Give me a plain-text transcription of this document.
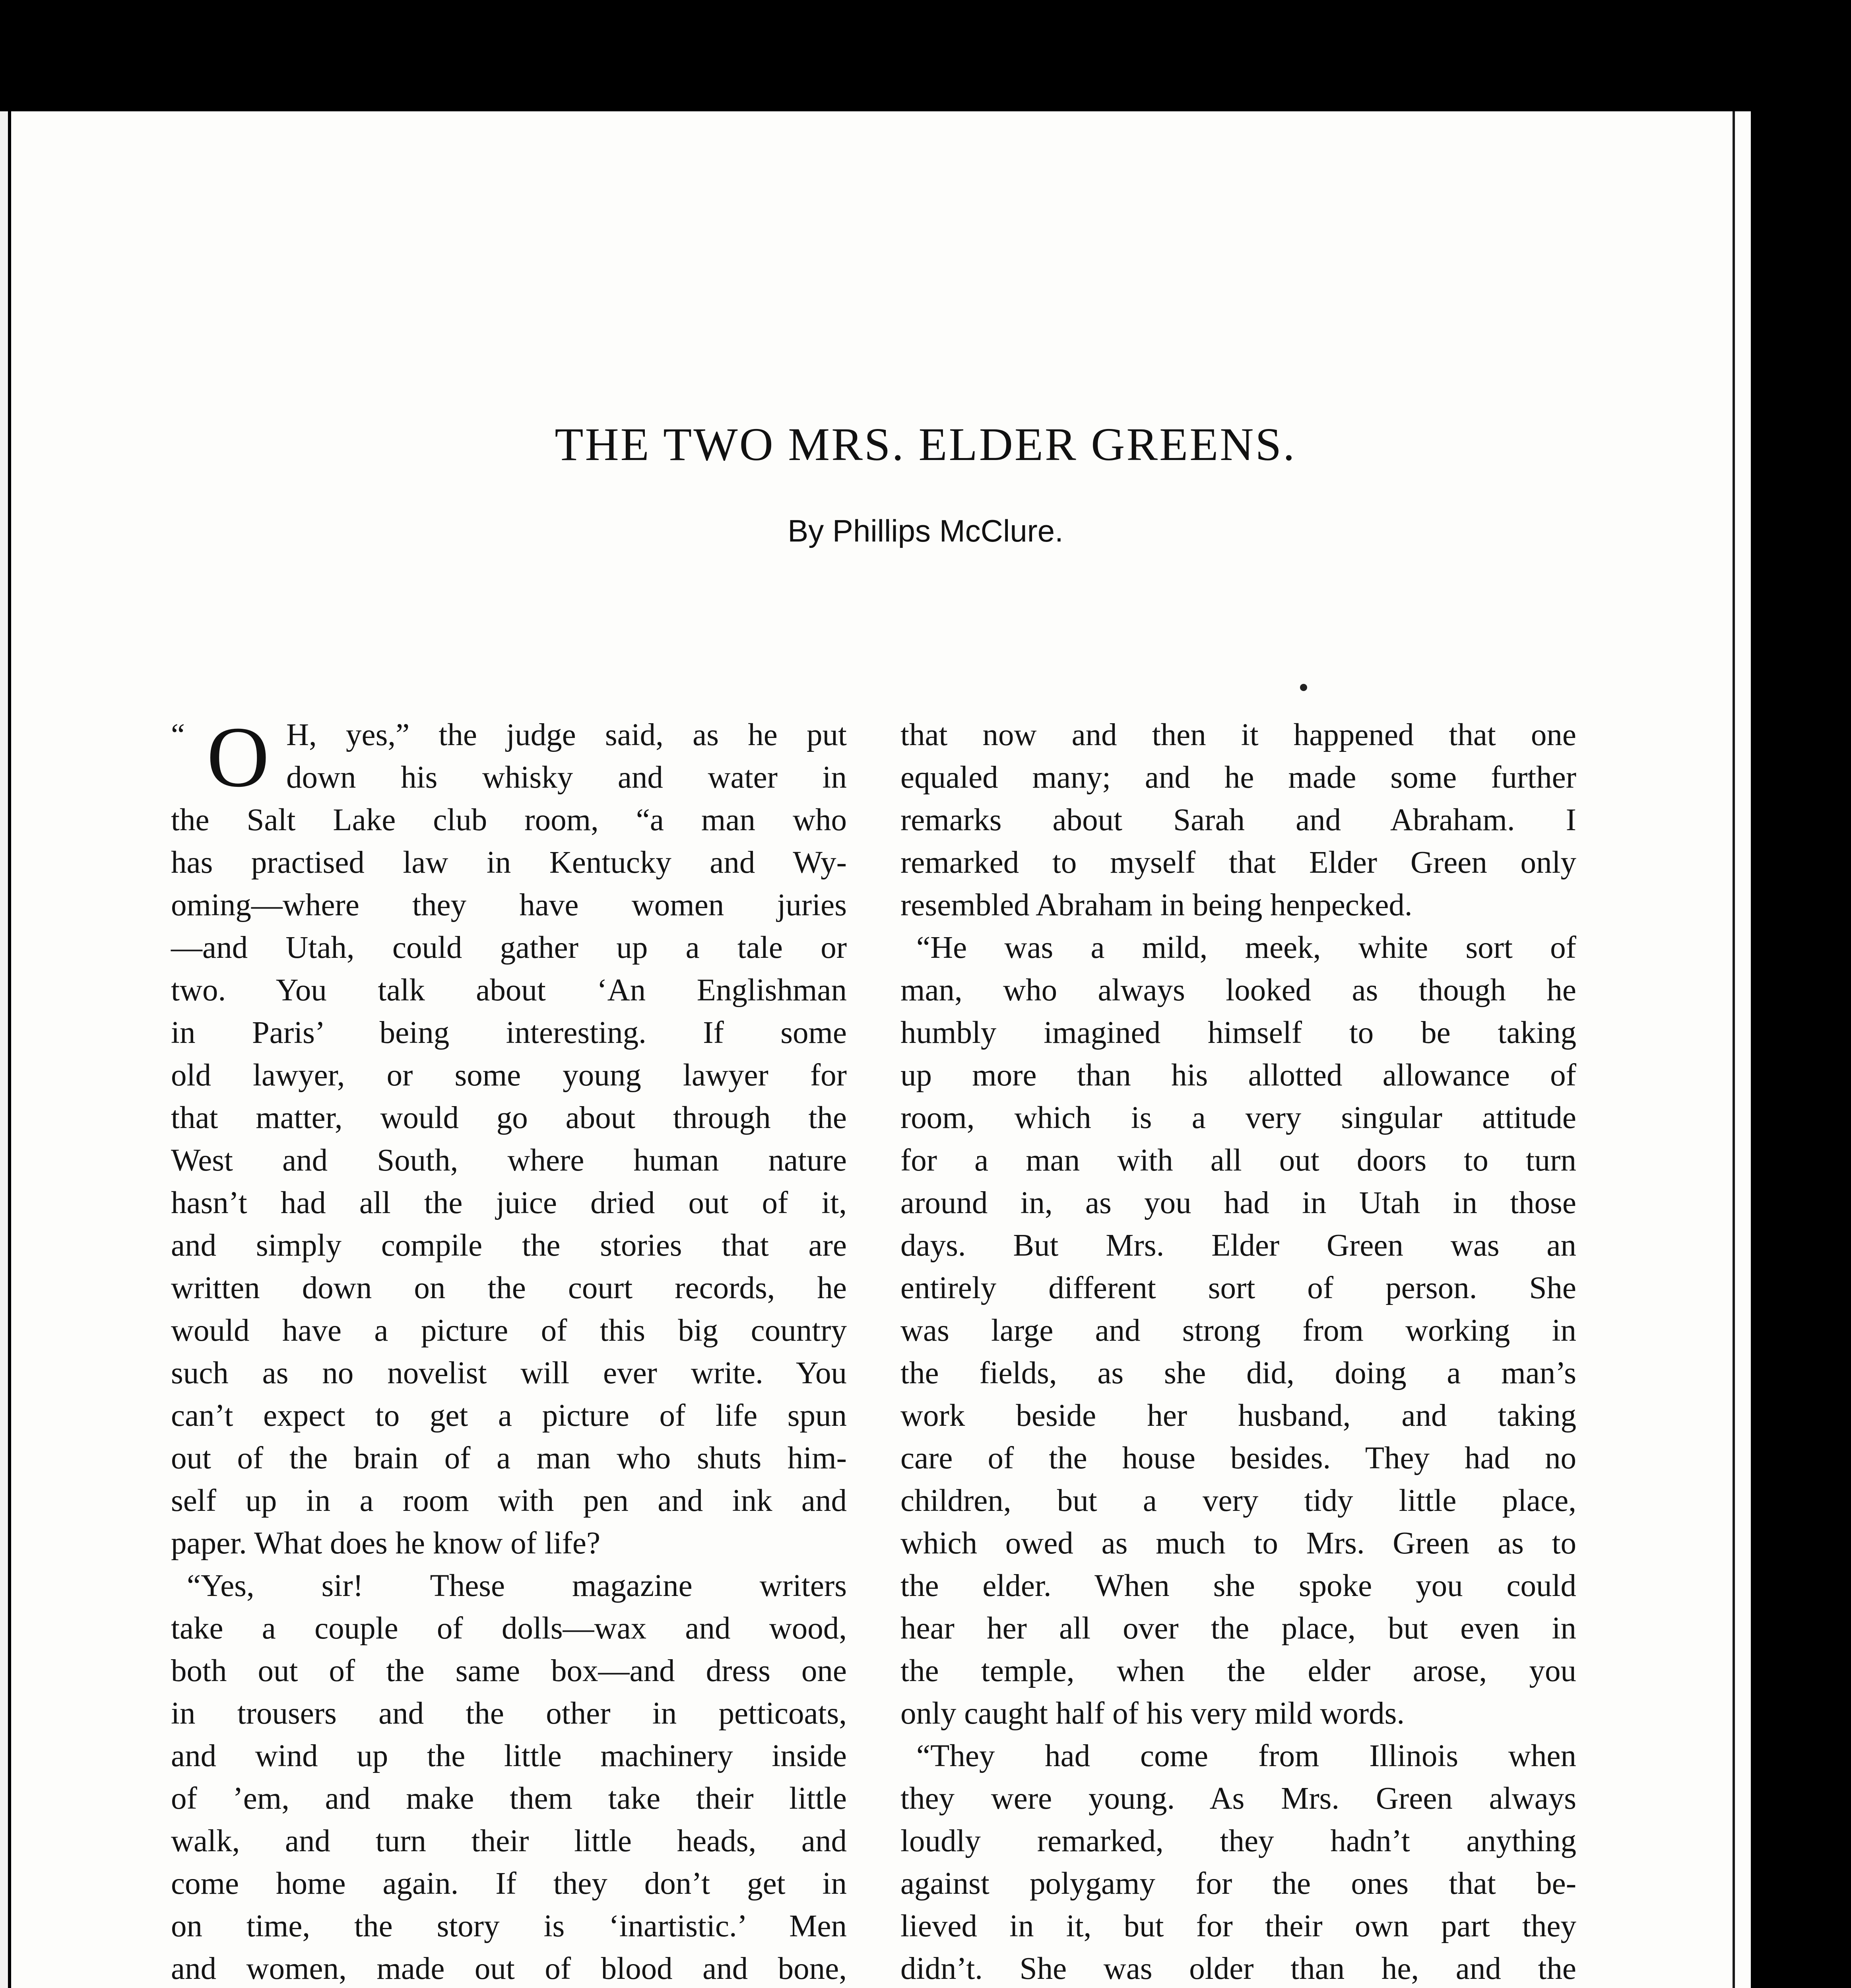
THE TWO MRS. ELDER GREENS.
By Phillips McClure.
H, yes,” the judge said, as he put
down his whisky and water in
the Salt Lake club room, “a man who
has practised law in Kentucky and Wy-
oming—where they have women juries
—and Utah, could gather up a tale or
two. You talk about ‘An Englishman
in Paris’ being interesting. If some
old lawyer, or some young lawyer for
that matter, would go about through the
West and South, where human nature
hasn’t had all the juice dried out of it,
and simply compile the stories that are
written down on the court records, he
would have a picture of this big country
such as no novelist will ever write. You
can’t expect to get a picture of life spun
out of the brain of a man who shuts him-
self up in a room with pen and ink and
paper. What does he know of life?
“Yes, sir! These magazine writers
take a couple of dolls—wax and wood,
both out of the same box—and dress one
in trousers and the other in petticoats,
and wind up the little machinery inside
of ’em, and make them take their little
walk, and turn their little heads, and
come home again. If they don’t get in
on time, the story is ‘inartistic.’ Men
and women, made out of blood and bone,
“ O	that now and then it happened that one
equaled many; and he made some further
remarks about Sarah and Abraham. I
remarked to myself that Elder Green only
resembled Abraham in being henpecked.
“He was a mild, meek, white sort of
man, who always looked as though he
humbly imagined himself to be taking
up more than his allotted allowance of
room, which is a very singular attitude
for a man with all out doors to turn
around in, as you had in Utah in those
days. But Mrs. Elder Green was an
entirely different sort of person. She
was large and strong from working in
the fields, as she did, doing a man’s
work beside her husband, and taking
care of the house besides. They had no
children, but a very tidy little place,
which owed as much to Mrs. Green as to
the elder. When she spoke you could
hear her all over the place, but even in
the temple, when the elder arose, you
only caught half of his very mild words.
“They had come from Illinois when
they were young. As Mrs. Green always
loudly remarked, they hadn’t anything
against polygamy for the ones that be-
lieved in it, but for their own part they
didn’t. She was older than he, and the
